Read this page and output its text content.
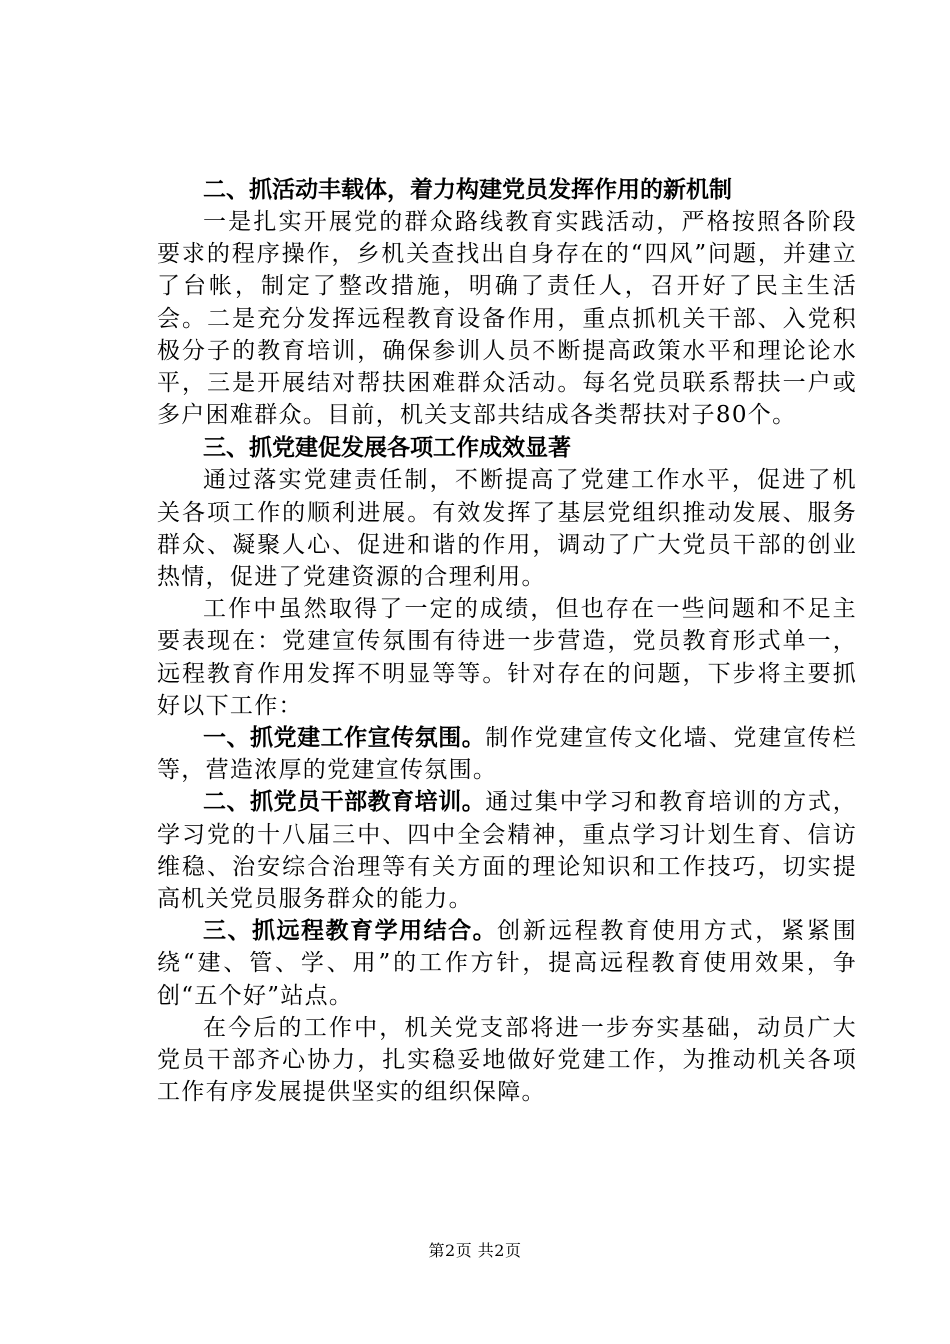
二、抓活动丰载体，着力构建党员发挥作用的新机制

一是扎实开展党的群众路线教育实践活动，严格按照各阶段要求的程序操作，乡机关查找出自身存在的“四风”问题，并建立了台帐，制定了整改措施，明确了责任人，召开好了民主生活会。二是充分发挥远程教育设备作用，重点抓机关干部、入党积极分子的教育培训，确保参训人员不断提高政策水平和理论论水平，三是开展结对帮扶困难群众活动。每名党员联系帮扶一户或多户困难群众。目前，机关支部共结成各类帮扶对子80个。

三、抓党建促发展各项工作成效显著

通过落实党建责任制，不断提高了党建工作水平，促进了机关各项工作的顺利进展。有效发挥了基层党组织推动发展、服务群众、凝聚人心、促进和谐的作用，调动了广大党员干部的创业热情，促进了党建资源的合理利用。

工作中虽然取得了一定的成绩，但也存在一些问题和不足主要表现在：党建宣传氛围有待进一步营造，党员教育形式单一，远程教育作用发挥不明显等等。针对存在的问题，下步将主要抓好以下工作：

一、抓党建工作宣传氛围。制作党建宣传文化墙、党建宣传栏等，营造浓厚的党建宣传氛围。

二、抓党员干部教育培训。通过集中学习和教育培训的方式，学习党的十八届三中、四中全会精神，重点学习计划生育、信访维稳、治安综合治理等有关方面的理论知识和工作技巧，切实提高机关党员服务群众的能力。

三、抓远程教育学用结合。创新远程教育使用方式，紧紧围绕“建、管、学、用”的工作方针，提高远程教育使用效果，争创“五个好”站点。

在今后的工作中，机关党支部将进一步夯实基础，动员广大党员干部齐心协力，扎实稳妥地做好党建工作，为推动机关各项工作有序发展提供坚实的组织保障。

第2页 共2页
